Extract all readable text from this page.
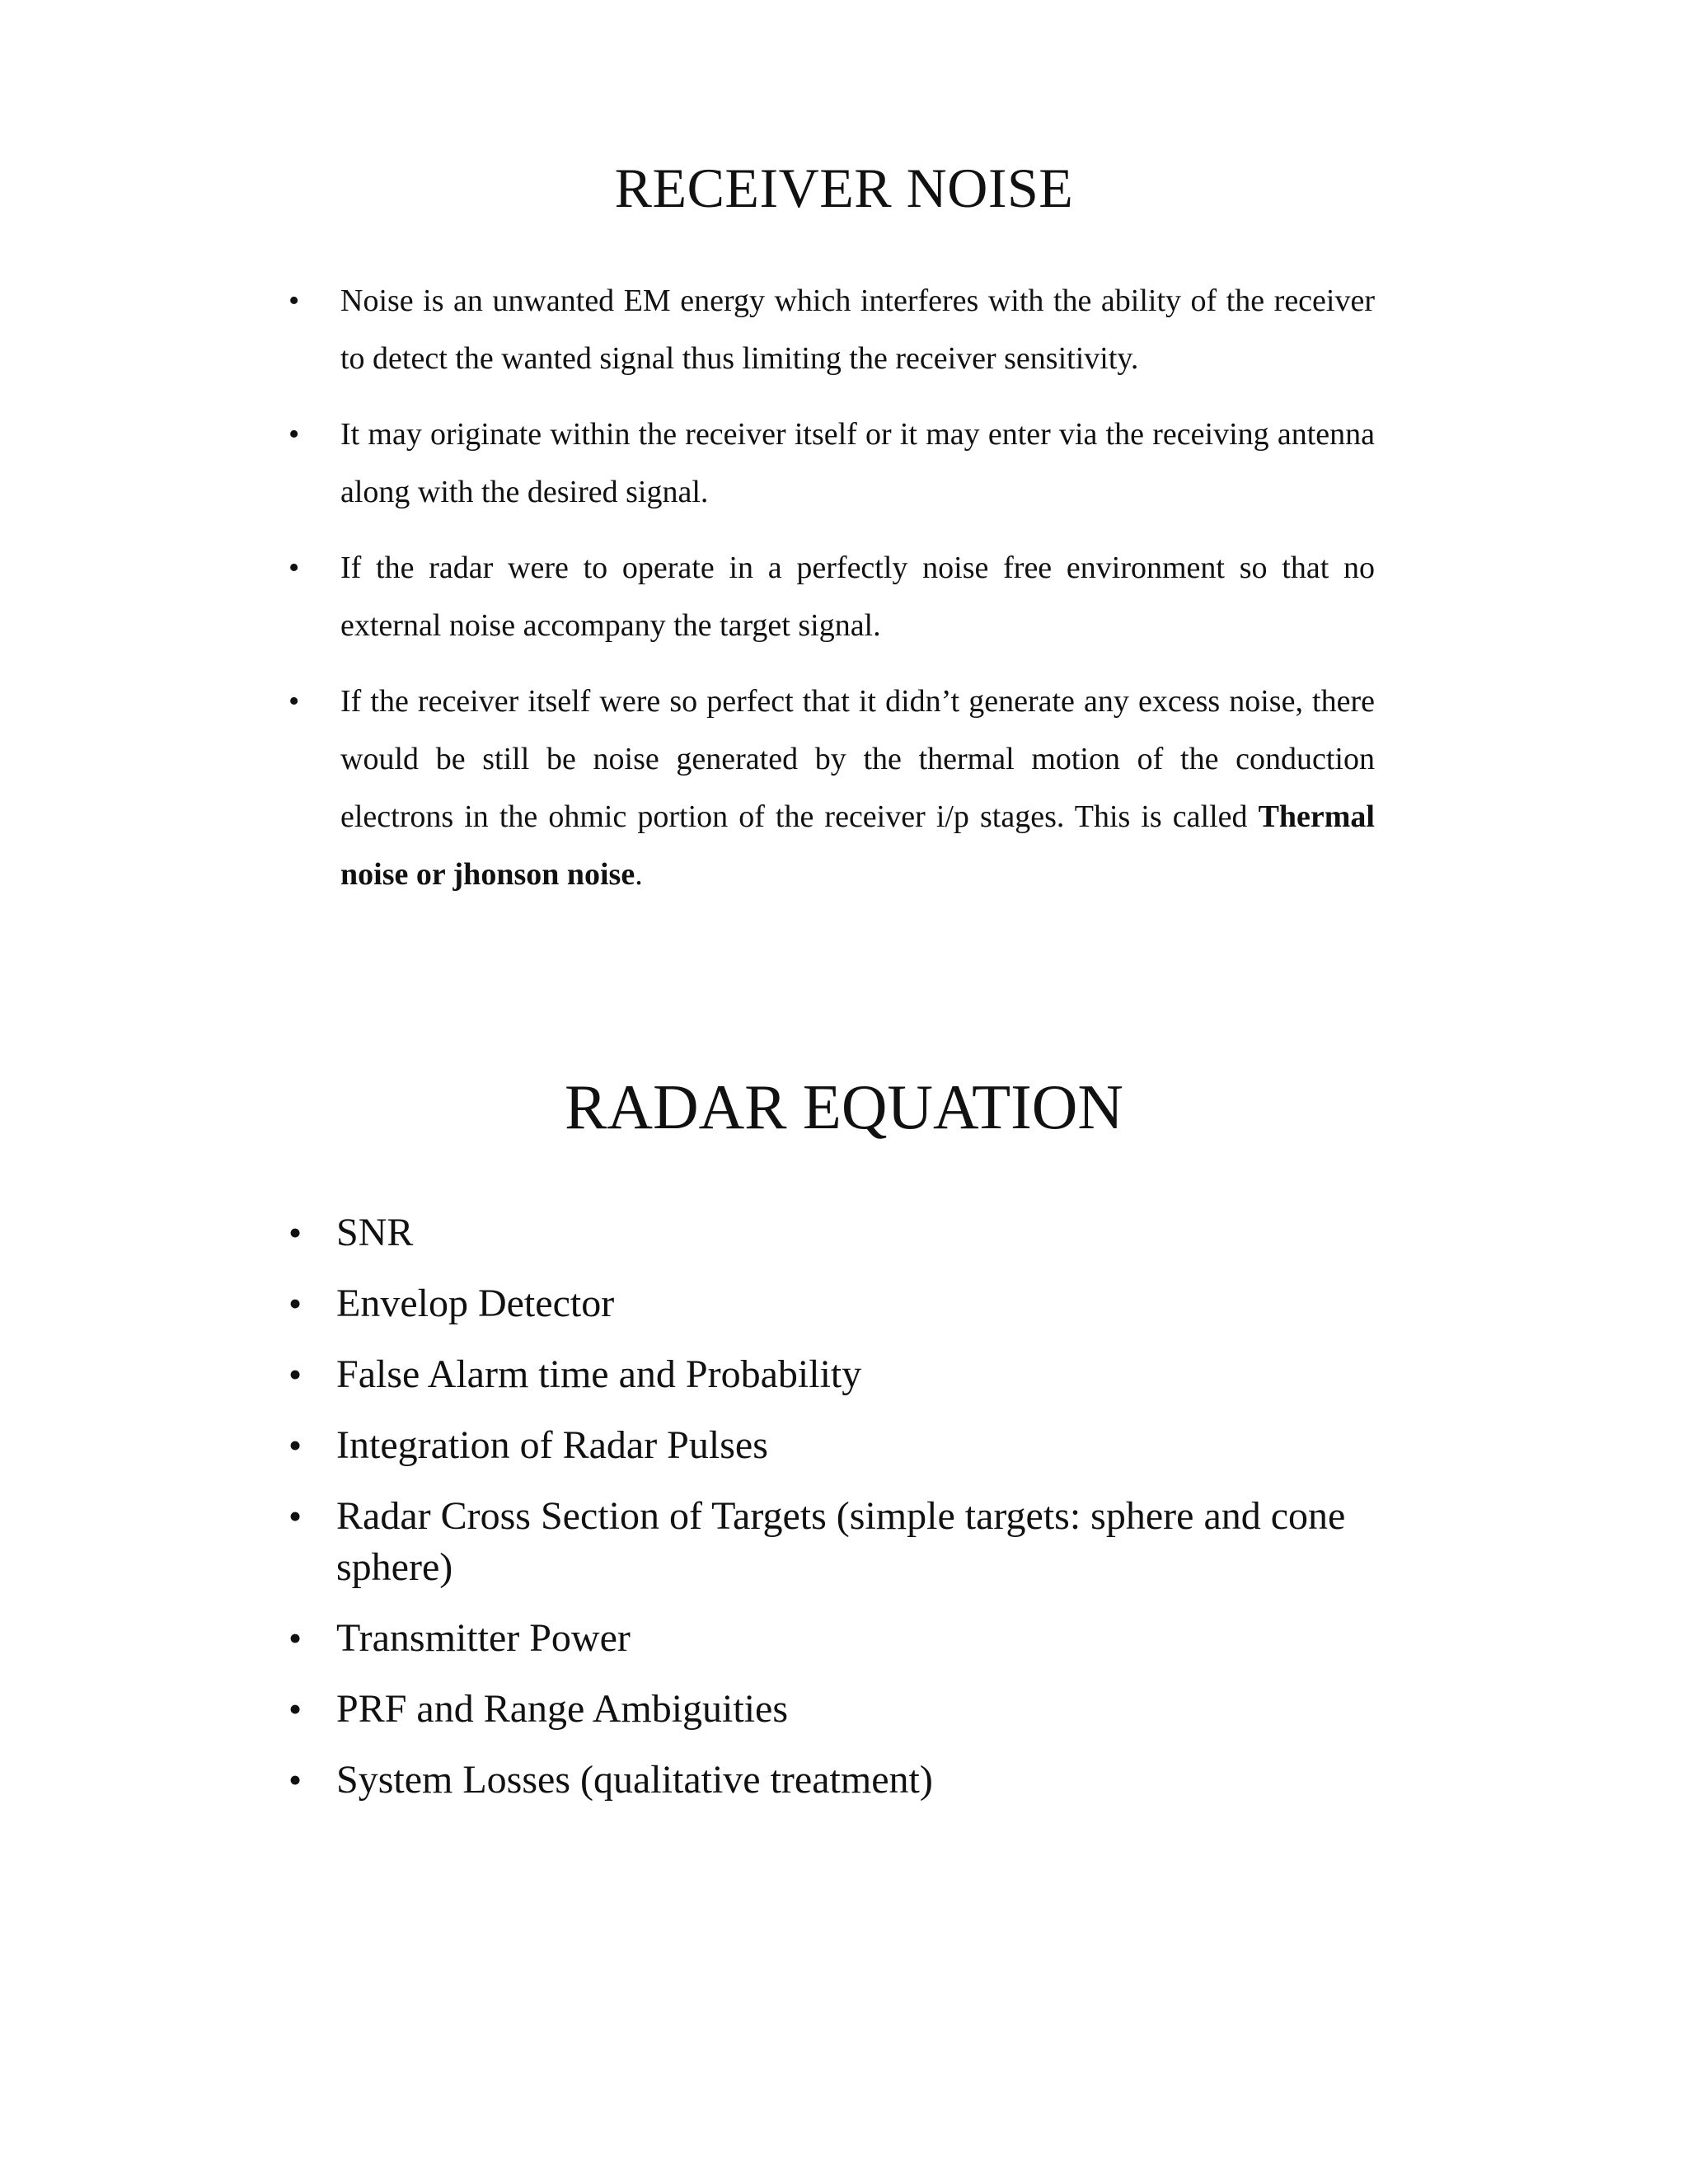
RECEIVER NOISE
• Noise is an unwanted EM energy which interferes with the ability of the receiver to detect the wanted signal thus limiting the receiver sensitivity.
• It may originate within the receiver itself or it may enter via the receiving antenna along with the desired signal.
• If the radar were to operate in a perfectly noise free environment so that no external noise accompany the target signal.
• If the receiver itself were so perfect that it didn’t generate any excess noise, there would be still be noise generated by the thermal motion of the conduction electrons in the ohmic portion of the receiver i/p stages. This is called Thermal noise or jhonson noise.
RADAR EQUATION
• SNR
• Envelop Detector
• False Alarm time and Probability
• Integration of Radar Pulses
• Radar Cross Section of Targets (simple targets: sphere and cone sphere)
• Transmitter Power
• PRF and Range Ambiguities
• System Losses (qualitative treatment)
